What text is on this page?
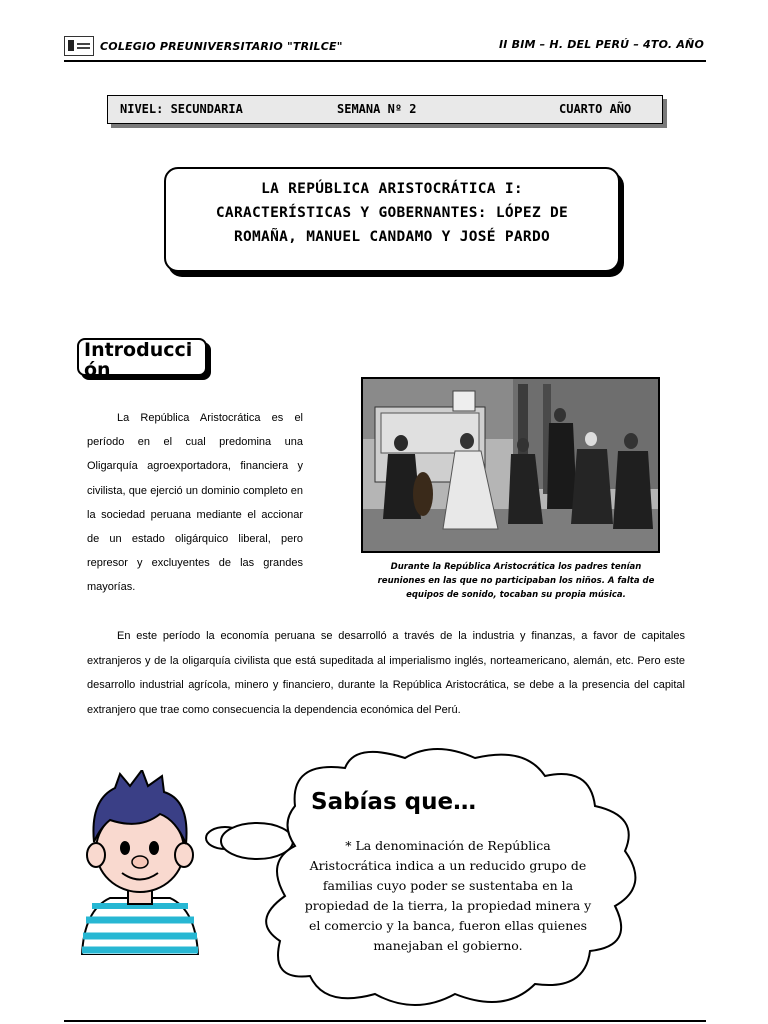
COLEGIO PREUNIVERSITARIO "TRILCE"	II BIM – H. DEL PERÚ – 4TO. AÑO
NIVEL: SECUNDARIA	SEMANA Nº 2	CUARTO AÑO
LA REPÚBLICA ARISTOCRÁTICA I:
CARACTERÍSTICAS Y GOBERNANTES: LÓPEZ DE
ROMAÑA, MANUEL CANDAMO Y JOSÉ PARDO
Introducción
La República Aristocrática es el período en el cual predomina una Oligarquía agroexportadora, financiera y civilista, que ejerció un dominio completo en la sociedad peruana mediante el accionar de un estado oligárquico liberal, pero represor y excluyentes de las grandes mayorías.
Durante la República Aristocrática los padres tenían reuniones en las que no participaban los niños. A falta de equipos de sonido, tocaban su propia música.
En este período la economía peruana se desarrolló a través de la industria y finanzas, a favor de capitales extranjeros y de la oligarquía civilista que está supeditada al imperialismo inglés, norteamericano, alemán, etc. Pero este desarrollo industrial agrícola, minero y financiero, durante la República Aristocrática, se debe a la presencia del capital extranjero que trae como consecuencia la dependencia económica del Perú.
Sabías que…
* La denominación de República Aristocrática indica a un reducido grupo de familias cuyo poder se sustentaba en la propiedad de la tierra, la propiedad minera y el comercio y la banca, fueron ellas quienes manejaban el gobierno.
